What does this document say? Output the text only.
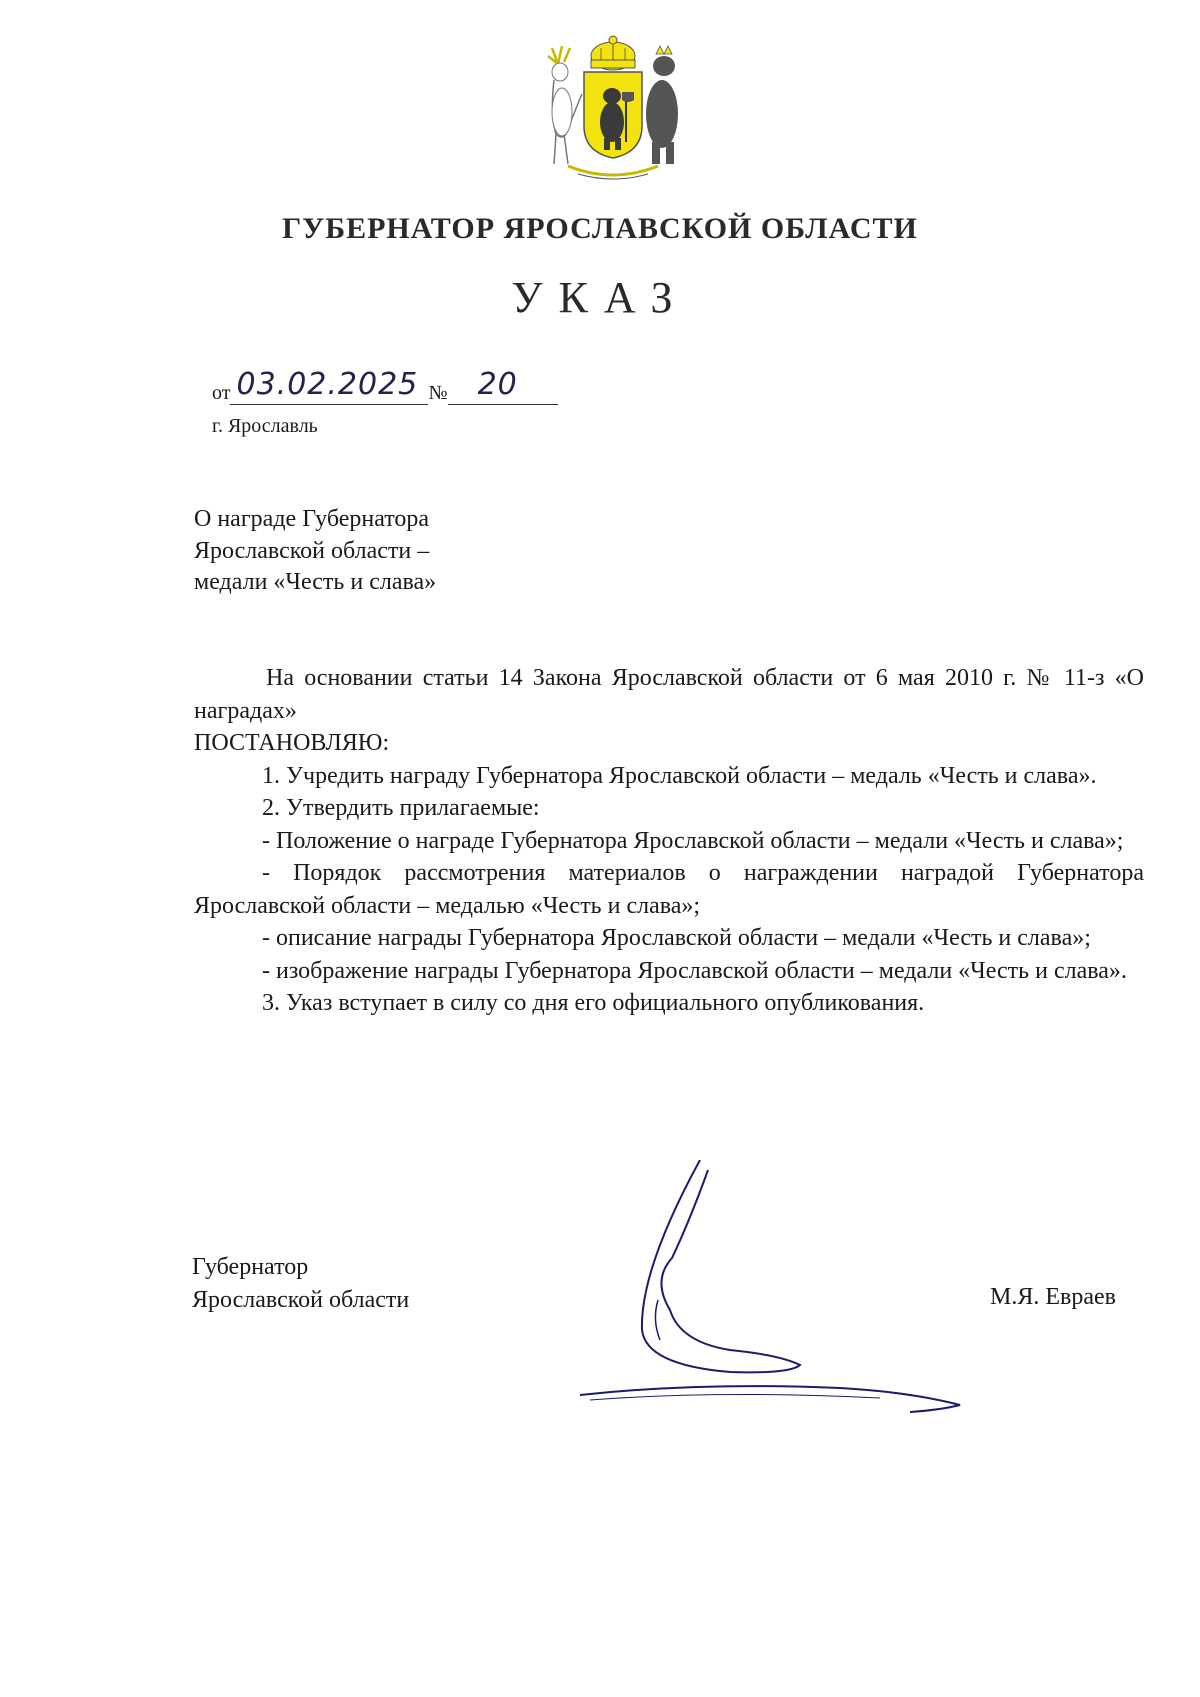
ГУБЕРНАТОР ЯРОСЛАВСКОЙ ОБЛАСТИ
УКАЗ
от 03.02.2025 № 20
г. Ярославль
О награде Губернатора
Ярославской области –
медали «Честь и слава»
На основании статьи 14 Закона Ярославской области от 6 мая 2010 г. № 11-з «О наградах»
ПОСТАНОВЛЯЮ:
1. Учредить награду Губернатора Ярославской области – медаль «Честь и слава».
2. Утвердить прилагаемые:
- Положение о награде Губернатора Ярославской области – медали «Честь и слава»;
- Порядок рассмотрения материалов о награждении наградой Губернатора Ярославской области – медалью «Честь и слава»;
- описание награды Губернатора Ярославской области – медали «Честь и слава»;
- изображение награды Губернатора Ярославской области – медали «Честь и слава».
3. Указ вступает в силу со дня его официального опубликования.
Губернатор
Ярославской области	М.Я. Евраев
